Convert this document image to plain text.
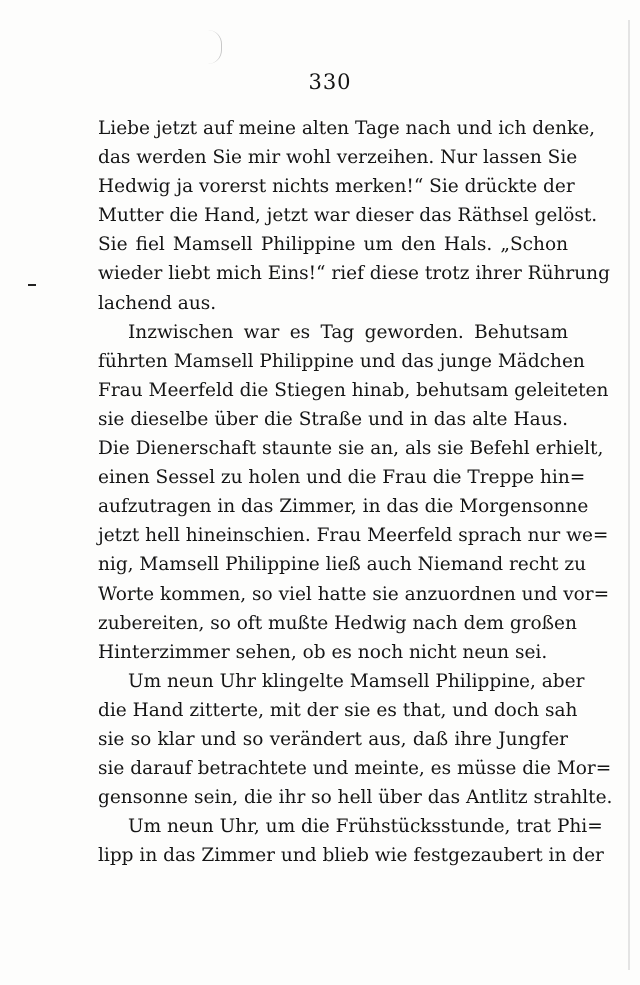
330
Liebe jetzt auf meine alten Tage nach und ich denke,
das werden Sie mir wohl verzeihen. Nur lassen Sie
Hedwig ja vorerst nichts merken!“ Sie drückte der
Mutter die Hand, jetzt war dieser das Räthsel gelöst.
Sie fiel Mamsell Philippine um den Hals. „Schon
wieder liebt mich Eins!“ rief diese trotz ihrer Rührung
lachend aus.
Inzwischen war es Tag geworden. Behutsam
führten Mamsell Philippine und das junge Mädchen
Frau Meerfeld die Stiegen hinab, behutsam geleiteten
sie dieselbe über die Straße und in das alte Haus.
Die Dienerschaft staunte sie an, als sie Befehl erhielt,
einen Sessel zu holen und die Frau die Treppe hin=
aufzutragen in das Zimmer, in das die Morgensonne
jetzt hell hineinschien. Frau Meerfeld sprach nur we=
nig, Mamsell Philippine ließ auch Niemand recht zu
Worte kommen, so viel hatte sie anzuordnen und vor=
zubereiten, so oft mußte Hedwig nach dem großen
Hinterzimmer sehen, ob es noch nicht neun sei.
Um neun Uhr klingelte Mamsell Philippine, aber
die Hand zitterte, mit der sie es that, und doch sah
sie so klar und so verändert aus, daß ihre Jungfer
sie darauf betrachtete und meinte, es müsse die Mor=
gensonne sein, die ihr so hell über das Antlitz strahlte.
Um neun Uhr, um die Frühstücksstunde, trat Phi=
lipp in das Zimmer und blieb wie festgezaubert in der
